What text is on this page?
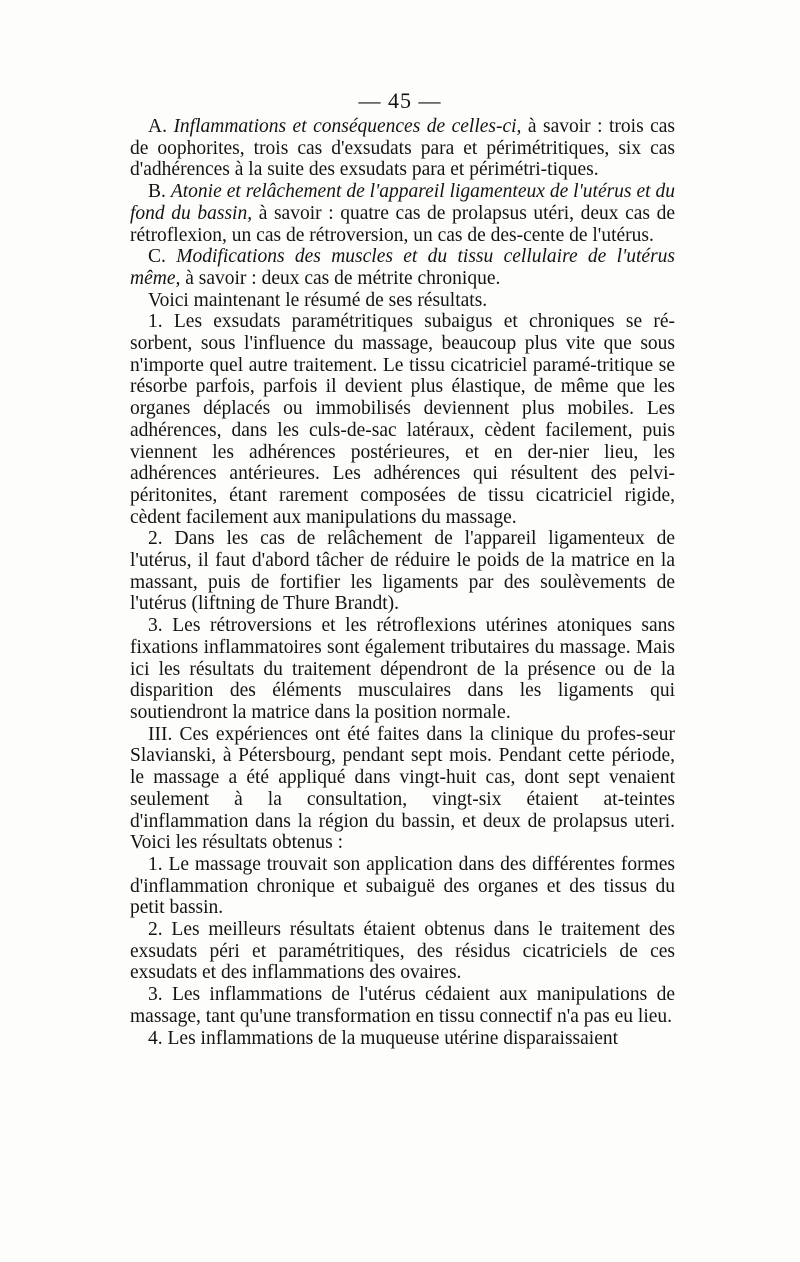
— 45 —

A. Inflammations et conséquences de celles-ci, à savoir : trois cas de oophorites, trois cas d'exsudats para et périmétritiques, six cas d'adhérences à la suite des exsudats para et périmétri-tiques.

B. Atonie et relâchement de l'appareil ligamenteux de l'utérus et du fond du bassin, à savoir : quatre cas de prolapsus utéri, deux cas de rétroflexion, un cas de rétroversion, un cas de des-cente de l'utérus.

C. Modifications des muscles et du tissu cellulaire de l'utérus même, à savoir : deux cas de métrite chronique.

Voici maintenant le résumé de ses résultats.

1. Les exsudats paramétritiques subaigus et chroniques se ré-sorbent, sous l'influence du massage, beaucoup plus vite que sous n'importe quel autre traitement. Le tissu cicatriciel paramé-tritique se résorbe parfois, parfois il devient plus élastique, de même que les organes déplacés ou immobilisés deviennent plus mobiles. Les adhérences, dans les culs-de-sac latéraux, cèdent facilement, puis viennent les adhérences postérieures, et en der-nier lieu, les adhérences antérieures. Les adhérences qui résultent des pelvi-péritonites, étant rarement composées de tissu cicatriciel rigide, cèdent facilement aux manipulations du massage.

2. Dans les cas de relâchement de l'appareil ligamenteux de l'utérus, il faut d'abord tâcher de réduire le poids de la matrice en la massant, puis de fortifier les ligaments par des soulèvements de l'utérus (liftning de Thure Brandt).

3. Les rétroversions et les rétroflexions utérines atoniques sans fixations inflammatoires sont également tributaires du massage. Mais ici les résultats du traitement dépendront de la présence ou de la disparition des éléments musculaires dans les ligaments qui soutiendront la matrice dans la position normale.

III. Ces expériences ont été faites dans la clinique du profes-seur Slavianski, à Pétersbourg, pendant sept mois. Pendant cette période, le massage a été appliqué dans vingt-huit cas, dont sept venaient seulement à la consultation, vingt-six étaient at-teintes d'inflammation dans la région du bassin, et deux de prolapsus uteri. Voici les résultats obtenus :

1. Le massage trouvait son application dans des différentes formes d'inflammation chronique et subaiguë des organes et des tissus du petit bassin.

2. Les meilleurs résultats étaient obtenus dans le traitement des exsudats péri et paramétritiques, des résidus cicatriciels de ces exsudats et des inflammations des ovaires.

3. Les inflammations de l'utérus cédaient aux manipulations de massage, tant qu'une transformation en tissu connectif n'a pas eu lieu.

4. Les inflammations de la muqueuse utérine disparaissaient
